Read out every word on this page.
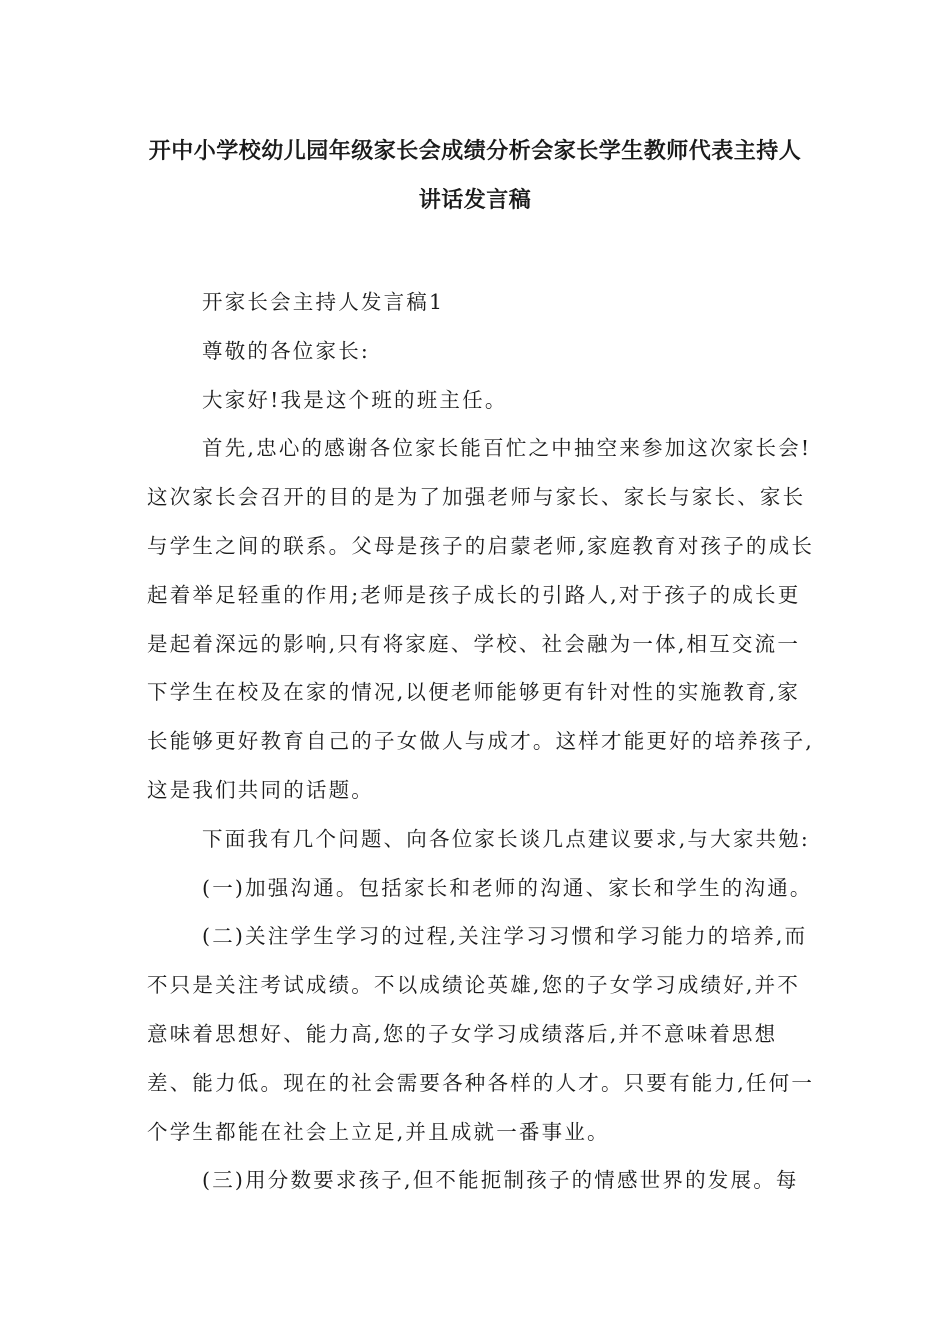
开中小学校幼儿园年级家长会成绩分析会家长学生教师代表主持人
讲话发言稿
开家长会主持人发言稿1
尊敬的各位家长:
大家好!我是这个班的班主任。
首先,忠心的感谢各位家长能百忙之中抽空来参加这次家长会!
这次家长会召开的目的是为了加强老师与家长、家长与家长、家长
与学生之间的联系。父母是孩子的启蒙老师,家庭教育对孩子的成长
起着举足轻重的作用;老师是孩子成长的引路人,对于孩子的成长更
是起着深远的影响,只有将家庭、学校、社会融为一体,相互交流一
下学生在校及在家的情况,以便老师能够更有针对性的实施教育,家
长能够更好教育自己的子女做人与成才。这样才能更好的培养孩子,
这是我们共同的话题。
下面我有几个问题、向各位家长谈几点建议要求,与大家共勉:
(一)加强沟通。包括家长和老师的沟通、家长和学生的沟通。
(二)关注学生学习的过程,关注学习习惯和学习能力的培养,而
不只是关注考试成绩。不以成绩论英雄,您的子女学习成绩好,并不
意味着思想好、能力高,您的子女学习成绩落后,并不意味着思想
差、能力低。现在的社会需要各种各样的人才。只要有能力,任何一
个学生都能在社会上立足,并且成就一番事业。
(三)用分数要求孩子,但不能扼制孩子的情感世界的发展。每
